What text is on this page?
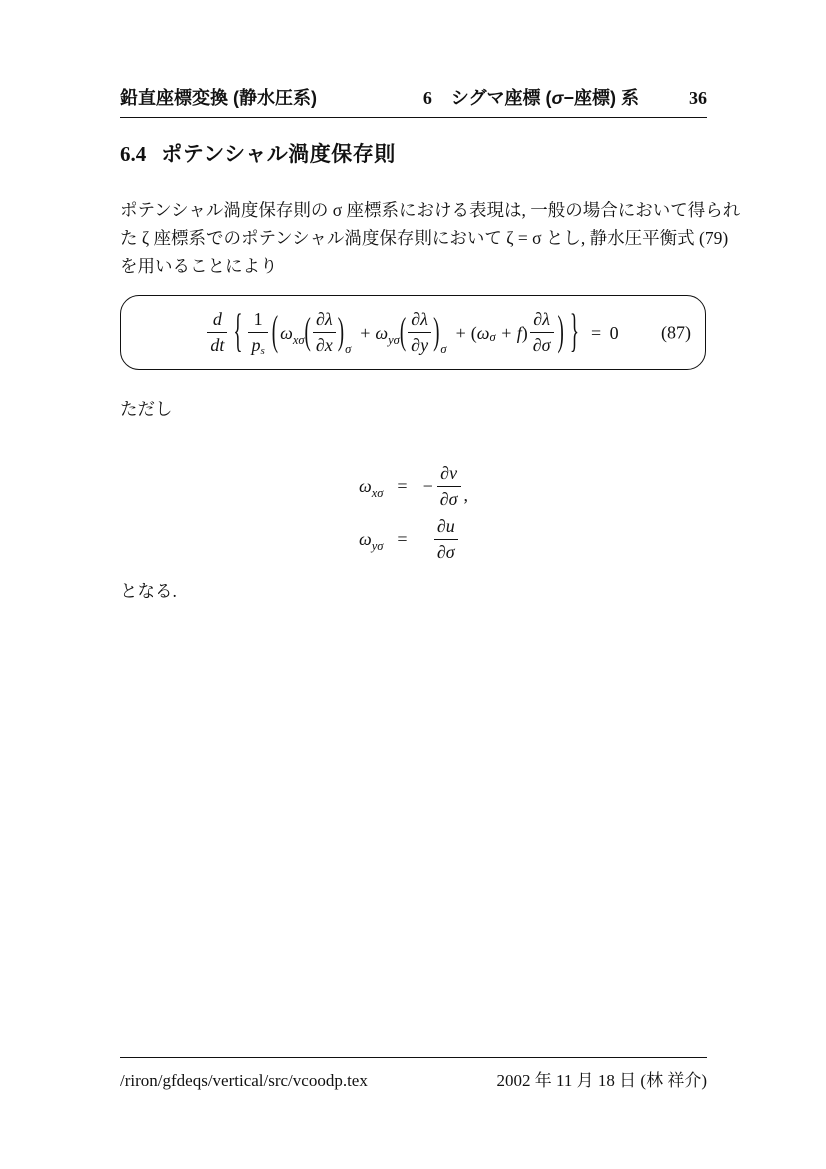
鉛直座標変換 (静水圧系)	6 シグマ座標 (σ−座標) 系	36
6.4 ポテンシャル渦度保存則
ポテンシャル渦度保存則の σ 座標系における表現は, 一般の場合において得られ
た ζ 座標系でのポテンシャル渦度保存則において ζ = σ とし, 静水圧平衡式 (79)
を用いることにより
$\frac{d}{dt}$ { $\frac{1}{ps}$ ( $\omega_{x\sigma}$ ( $\frac{\partial\lambda}{\partial x}$ ) σ
+ $\omega_{y\sigma}$ ( $\frac{\partial\lambda}{\partial y}$ ) σ
+ ( ω σ + f ) $\frac{\partial\lambda}{\partial\sigma}$ ) } = 0 (87)
ただし
$\omega_{x\sigma}$ = − $\frac{\partial v}{\partial\sigma}$ ,
$\omega_{y\sigma} = \frac{\partial u}{\partial\sigma}$
となる.
/riron/gfdeqs/vertical/src/vcoodp.tex	2002 年 11 月 18 日 (林 祥介)
